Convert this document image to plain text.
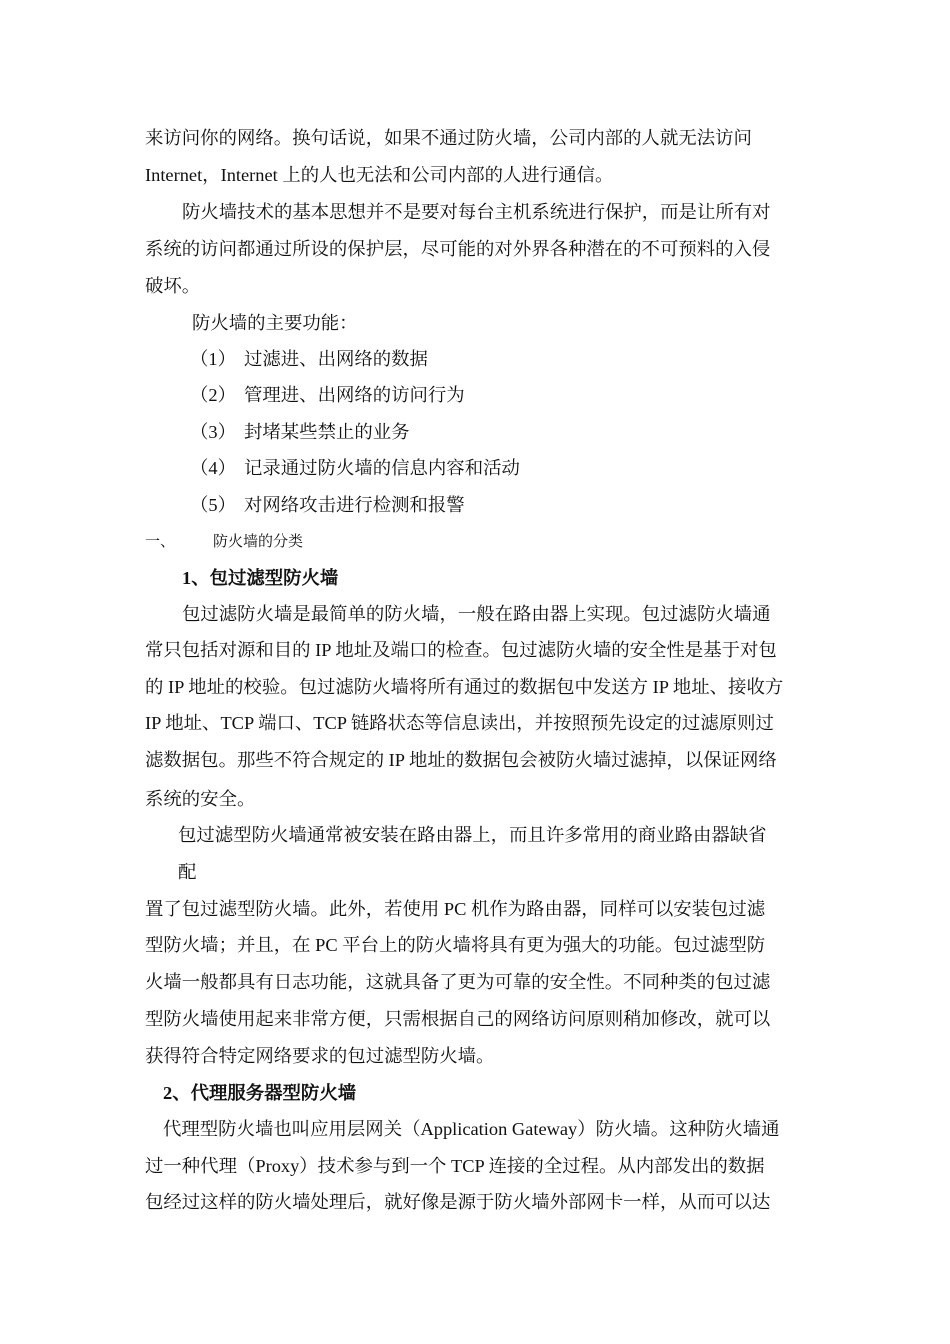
来访问你的网络。换句话说，如果不通过防火墙，公司内部的人就无法访问
Internet，Internet 上的人也无法和公司内部的人进行通信。
防火墙技术的基本思想并不是要对每台主机系统进行保护，而是让所有对
系统的访问都通过所设的保护层，尽可能的对外界各种潜在的不可预料的入侵
破坏。
防火墙的主要功能：
（1） 过滤进、出网络的数据
（2） 管理进、出网络的访问行为
（3） 封堵某些禁止的业务
（4） 记录通过防火墙的信息内容和活动
（5） 对网络攻击进行检测和报警
一、	防火墙的分类
1、包过滤型防火墙
包过滤防火墙是最简单的防火墙，一般在路由器上实现。包过滤防火墙通
常只包括对源和目的 IP 地址及端口的检查。包过滤防火墙的安全性是基于对包
的 IP 地址的校验。包过滤防火墙将所有通过的数据包中发送方 IP 地址、接收方
IP 地址、TCP 端口、TCP 链路状态等信息读出，并按照预先设定的过滤原则过
滤数据包。那些不符合规定的 IP 地址的数据包会被防火墙过滤掉，以保证网络
系统的安全。
包过滤型防火墙通常被安装在路由器上，而且许多常用的商业路由器缺省
配
置了包过滤型防火墙。此外，若使用 PC 机作为路由器，同样可以安装包过滤
型防火墙；并且，在 PC 平台上的防火墙将具有更为强大的功能。包过滤型防
火墙一般都具有日志功能，这就具备了更为可靠的安全性。不同种类的包过滤
型防火墙使用起来非常方便，只需根据自己的网络访问原则稍加修改，就可以
获得符合特定网络要求的包过滤型防火墙。
2、代理服务器型防火墙
代理型防火墙也叫应用层网关（Application Gateway）防火墙。这种防火墙通
过一种代理（Proxy）技术参与到一个 TCP 连接的全过程。从内部发出的数据
包经过这样的防火墙处理后，就好像是源于防火墙外部网卡一样，从而可以达
